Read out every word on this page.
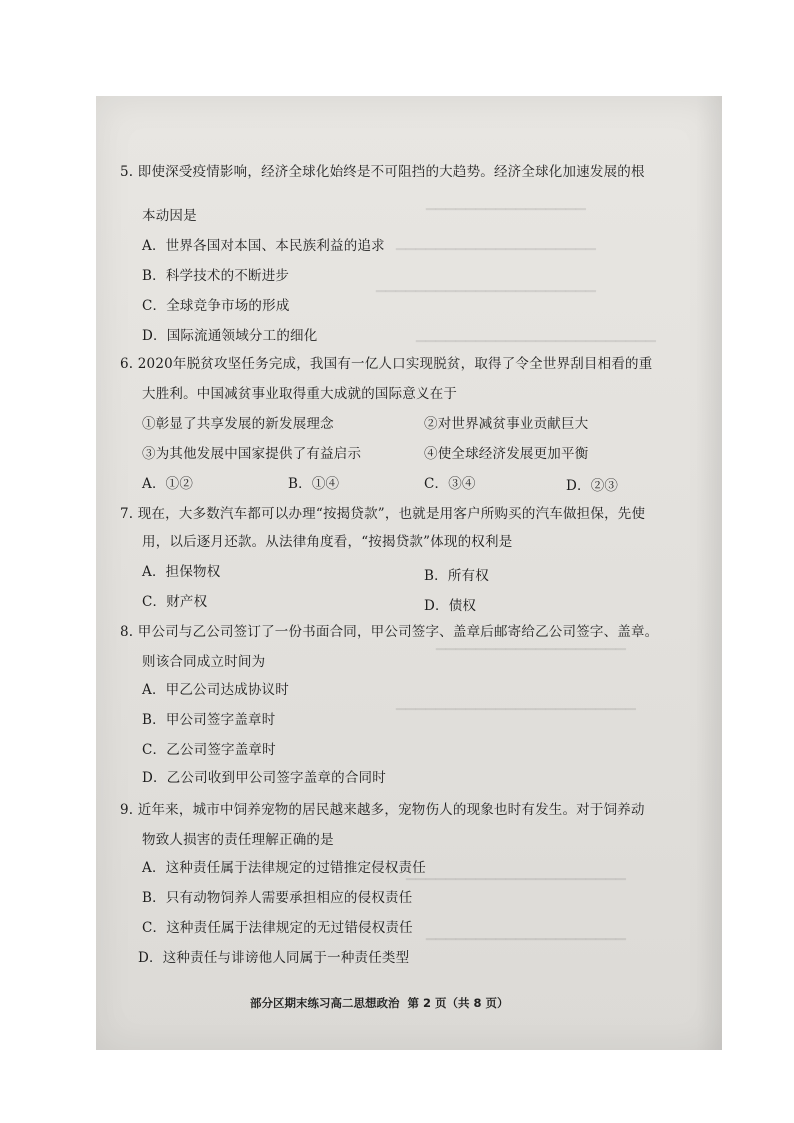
▁▁▁▁▁▁▁▁▁▁▁▁▁▁▁▁
▁▁▁▁▁▁▁▁▁▁▁▁▁▁▁▁▁▁▁▁
▁▁▁▁▁▁▁▁▁▁▁▁▁▁▁▁▁▁▁▁▁▁
▁▁▁▁▁▁▁▁▁▁▁▁▁▁▁▁▁▁▁▁▁▁▁▁
▁▁▁▁▁▁▁▁▁▁▁▁▁▁▁▁▁▁▁
▁▁▁▁▁▁▁▁▁▁▁▁▁▁▁▁▁▁▁▁▁▁▁▁
▁▁▁▁▁▁▁▁▁▁▁▁▁▁▁▁▁▁▁▁▁▁
▁▁▁▁▁▁▁▁▁▁▁▁▁▁▁▁▁▁▁▁
5. 即使深受疫情影响，经济全球化始终是不可阻挡的大趋势。经济全球化加速发展的根
本动因是
A．世界各国对本国、本民族利益的追求
B．科学技术的不断进步
C．全球竞争市场的形成
D．国际流通领域分工的细化
6. 2020年脱贫攻坚任务完成，我国有一亿人口实现脱贫，取得了令全世界刮目相看的重
大胜利。中国减贫事业取得重大成就的国际意义在于
①彰显了共享发展的新发展理念	②对世界减贫事业贡献巨大
③为其他发展中国家提供了有益启示	④使全球经济发展更加平衡
A．①②	B．①④	C．③④	D．②③
7. 现在，大多数汽车都可以办理“按揭贷款”，也就是用客户所购买的汽车做担保，先使
用，以后逐月还款。从法律角度看，“按揭贷款”体现的权利是
A．担保物权	B．所有权
C．财产权	D．债权
8. 甲公司与乙公司签订了一份书面合同，甲公司签字、盖章后邮寄给乙公司签字、盖章。
则该合同成立时间为
A．甲乙公司达成协议时
B．甲公司签字盖章时
C．乙公司签字盖章时
D．乙公司收到甲公司签字盖章的合同时
9. 近年来，城市中饲养宠物的居民越来越多，宠物伤人的现象也时有发生。对于饲养动
物致人损害的责任理解正确的是
A．这种责任属于法律规定的过错推定侵权责任
B．只有动物饲养人需要承担相应的侵权责任
C．这种责任属于法律规定的无过错侵权责任
D．这种责任与诽谤他人同属于一种责任类型
部分区期末练习高二思想政治 第 2 页（共 8 页）
